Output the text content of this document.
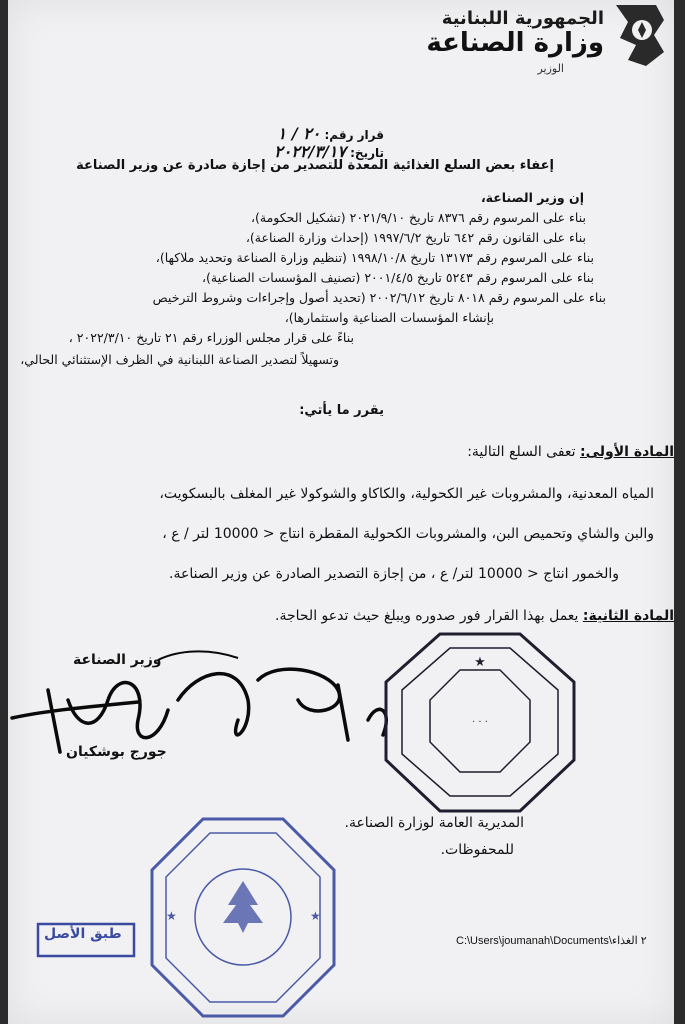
الجمهورية اللبنانية
وزارة الصناعة
الوزير
قرار رقم: ٢٠ / ١
تاريخ: ٢٠٢٢/٣/١٧
إعفاء بعض السلع الغذائية المعدة للتصدير من إجازة صادرة عن وزير الصناعة
إن وزير الصناعة،
بناء على المرسوم رقم ٨٣٧٦ تاريخ ٢٠٢١/٩/١٠ (تشكيل الحكومة)،
بناء على القانون رقم ٦٤٢ تاريخ ١٩٩٧/٦/٢ (إحداث وزارة الصناعة)،
بناء على المرسوم رقم ١٣١٧٣ تاريخ ١٩٩٨/١٠/٨ (تنظيم وزارة الصناعة وتحديد ملاكها)،
بناء على المرسوم رقم ٥٢٤٣ تاريخ ٢٠٠١/٤/٥ (تصنيف المؤسسات الصناعية)،
بناء على المرسوم رقم ٨٠١٨ تاريخ ٢٠٠٢/٦/١٢ (تحديد أصول وإجراءات وشروط الترخيص
بإنشاء المؤسسات الصناعية واستثمارها)،
بناءً على قرار مجلس الوزراء رقم ٢١ تاريخ ٢٠٢٢/٣/١٠ ،
وتسهيلاً لتصدير الصناعة اللبنانية في الظرف الإستثنائي الحالي،
يقرر ما يأتي:
المادة الأولى: تعفى السلع التالية:
المياه المعدنية، والمشروبات غير الكحولية، والكاكاو والشوكولا غير المغلف بالبسكويت،
والبن والشاي وتحميص البن، والمشروبات الكحولية المقطرة انتاج < 10000 لتر / ع ،
والخمور انتاج < 10000 لتر/ ع ، من إجازة التصدير الصادرة عن وزير الصناعة.
المادة الثانية: يعمل بهذا القرار فور صدوره ويبلغ حيث تدعو الحاجة.
وزير الصناعة
جورج بوشكيان
★
· · ·
المديرية العامة لوزارة الصناعة.
للمحفوظات.
★	★
طبق الأصل	C:\Users\joumanah\Documents\٢ الغذاء
